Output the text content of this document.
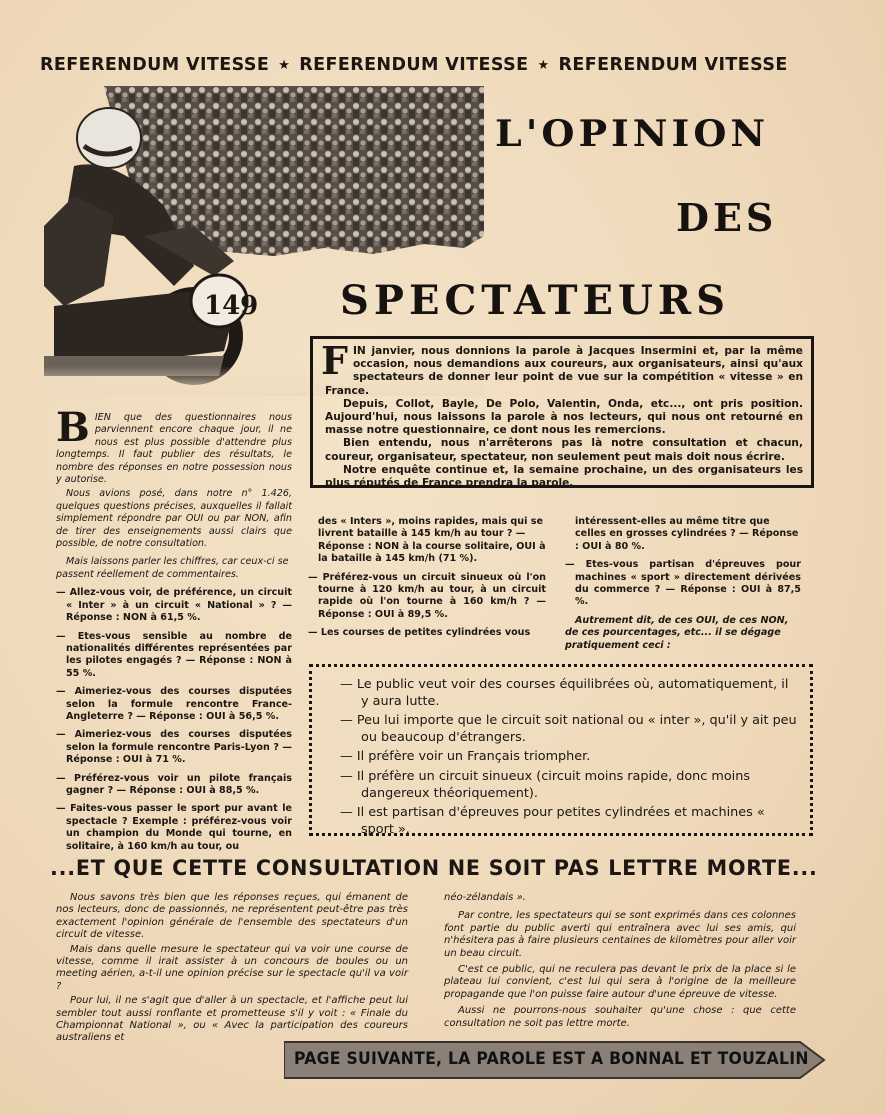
REFERENDUM VITESSE ★ REFERENDUM VITESSE ★ REFERENDUM VITESSE
149
L'OPINION
DES
SPECTATEURS
F IN janvier, nous donnions la parole à Jacques Insermini et, par la même occasion, nous demandions aux coureurs, aux organisateurs, ainsi qu'aux spectateurs de donner leur point de vue sur la compétition « vitesse » en France.

Depuis, Collot, Bayle, De Polo, Valentin, Onda, etc..., ont pris position. Aujourd'hui, nous laissons la parole à nos lecteurs, qui nous ont retourné en masse notre questionnaire, ce dont nous les remercions.

Bien entendu, nous n'arrêterons pas là notre consultation et chacun, coureur, organisateur, spectateur, non seulement peut mais doit nous écrire.

Notre enquête continue et, la semaine prochaine, un des organisateurs les plus réputés de France prendra la parole.

B IEN que des questionnaires nous parviennent encore chaque jour, il ne nous est plus possible d'attendre plus longtemps. Il faut publier des résultats, le nombre des réponses en notre possession nous y autorise.

Nous avions posé, dans notre n° 1.426, quelques questions précises, auxquelles il fallait simplement répondre par OUI ou par NON, afin de tirer des enseignements aussi clairs que possible, de notre consultation.

Mais laissons parler les chiffres, car ceux-ci se passent réellement de commentaires.

— Allez-vous voir, de préférence, un circuit « Inter » à un circuit « National » ? — Réponse : NON à 61,5 %.

— Etes-vous sensible au nombre de nationalités différentes représentées par les pilotes engagés ? — Réponse : NON à 55 %.

— Aimeriez-vous des courses disputées selon la formule rencontre France-Angleterre ? — Réponse : OUI à 56,5 %.

— Aimeriez-vous des courses disputées selon la formule rencontre Paris-Lyon ? — Réponse : OUI à 71 %.

— Préférez-vous voir un pilote français gagner ? — Réponse : OUI à 88,5 %.

— Faites-vous passer le sport pur avant le spectacle ? Exemple : préférez-vous voir un champion du Monde qui tourne, en solitaire, à 160 km/h au tour, ou

des « Inters », moins rapides, mais qui se livrent bataille à 145 km/h au tour ? — Réponse : NON à la course solitaire, OUI à la bataille à 145 km/h (71 %).

— Préférez-vous un circuit sinueux où l'on tourne à 120 km/h au tour, à un circuit rapide où l'on tourne à 160 km/h ? — Réponse : OUI à 89,5 %.

— Les courses de petites cylindrées vous

intéressent-elles au même titre que celles en grosses cylindrées ? — Réponse : OUI à 80 %.

— Etes-vous partisan d'épreuves pour machines « sport » directement dérivées du commerce ? — Réponse : OUI à 87,5 %.

Autrement dit, de ces OUI, de ces NON, de ces pourcentages, etc... il se dégage pratiquement ceci :

— Le public veut voir des courses équilibrées où, automatiquement, il y aura lutte.

— Peu lui importe que le circuit soit national ou « inter », qu'il y ait peu ou beaucoup d'étrangers.

— Il préfère voir un Français triompher.

— Il préfère un circuit sinueux (circuit moins rapide, donc moins dangereux théoriquement).

— Il est partisan d'épreuves pour petites cylindrées et machines « sport ».

...ET QUE CETTE CONSULTATION NE SOIT PAS LETTRE MORTE...

Nous savons très bien que les réponses reçues, qui émanent de nos lecteurs, donc de passionnés, ne représentent peut-être pas très exactement l'opinion générale de l'ensemble des spectateurs d'un circuit de vitesse.

Mais dans quelle mesure le spectateur qui va voir une course de vitesse, comme il irait assister à un concours de boules ou un meeting aérien, a-t-il une opinion précise sur le spectacle qu'il va voir ?

Pour lui, il ne s'agit que d'aller à un spectacle, et l'affiche peut lui sembler tout aussi ronflante et prometteuse s'il y voit : « Finale du Championnat National », ou « Avec la participation des coureurs australiens et

néo-zélandais ».

Par contre, les spectateurs qui se sont exprimés dans ces colonnes font partie du public averti qui entraînera avec lui ses amis, qui n'hésitera pas à faire plusieurs centaines de kilomètres pour aller voir un beau circuit.

C'est ce public, qui ne reculera pas devant le prix de la place si le plateau lui convient, c'est lui qui sera à l'origine de la meilleure propagande que l'on puisse faire autour d'une épreuve de vitesse.

Aussi ne pourrons-nous souhaiter qu'une chose : que cette consultation ne soit pas lettre morte.

PAGE SUIVANTE, LA PAROLE EST A BONNAL ET TOUZALIN
